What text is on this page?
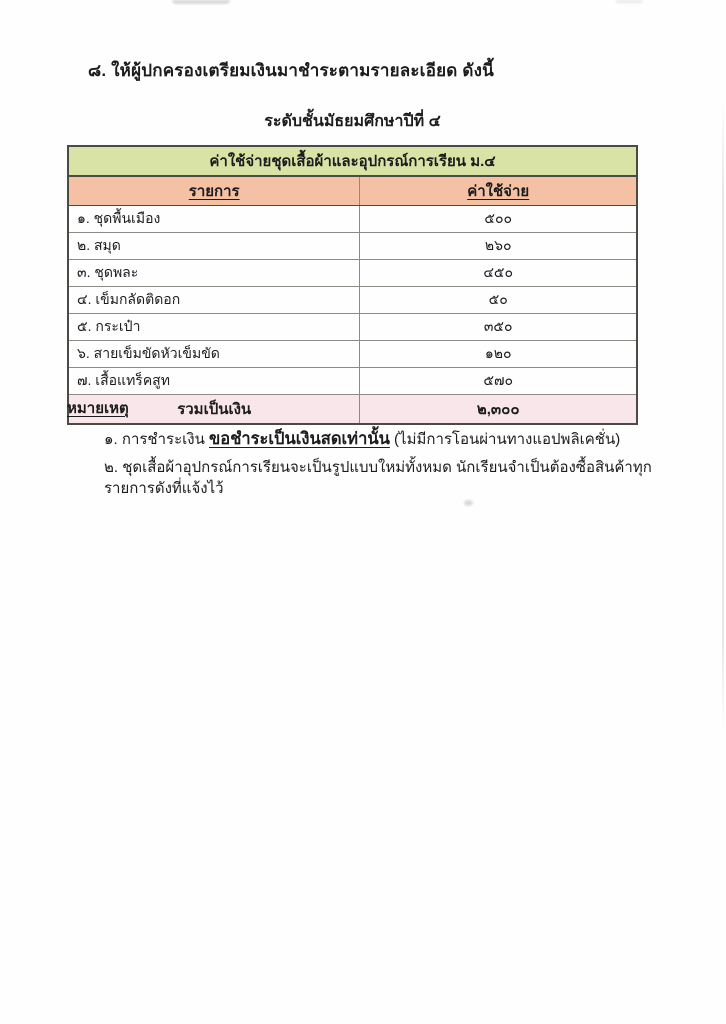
๘. ให้ผู้ปกครองเตรียมเงินมาชำระตามรายละเอียด ดังนี้
ระดับชั้นมัธยมศึกษาปีที่ ๔
ค่าใช้จ่ายชุดเสื้อผ้าและอุปกรณ์การเรียน ม.๔	
รายการ	ค่าใช้จ่าย
๑. ชุดพื้นเมือง	๕๐๐
๒. สมุด	๒๖๐
๓. ชุดพละ	๔๕๐
๔. เข็มกลัดติดอก	๕๐
๕. กระเป๋า	๓๕๐
๖. สายเข็มขัดหัวเข็มขัด	๑๒๐
๗. เสื้อแทร็คสูท	๕๗๐
รวมเป็นเงิน	๒,๓๐๐
หมายเหตุ
๑. การชำระเงิน ขอชำระเป็นเงินสดเท่านั้น (ไม่มีการโอนผ่านทางแอปพลิเคชั่น)
๒. ชุดเสื้อผ้าอุปกรณ์การเรียนจะเป็นรูปแบบใหม่ทั้งหมด นักเรียนจำเป็นต้องซื้อสินค้าทุกรายการดังที่แจ้งไว้
